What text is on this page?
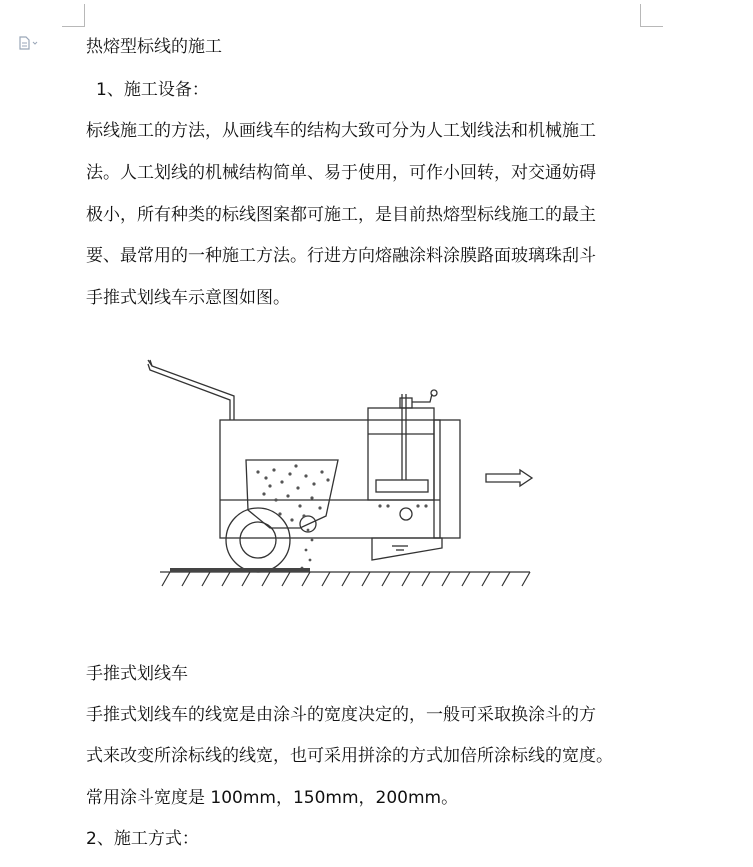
热熔型标线的施工
1、施工设备：
标线施工的方法，从画线车的结构大致可分为人工划线法和机械施工
法。人工划线的机械结构简单、易于使用，可作小回转，对交通妨碍
极小，所有种类的标线图案都可施工，是目前热熔型标线施工的最主
要、最常用的一种施工方法。行进方向熔融涂料涂膜路面玻璃珠刮斗
手推式划线车示意图如图。
手推式划线车
手推式划线车的线宽是由涂斗的宽度决定的，一般可采取换涂斗的方
式来改变所涂标线的线宽，也可采用拼涂的方式加倍所涂标线的宽度。
常用涂斗宽度是 100mm，150mm，200mm。
2、施工方式：
